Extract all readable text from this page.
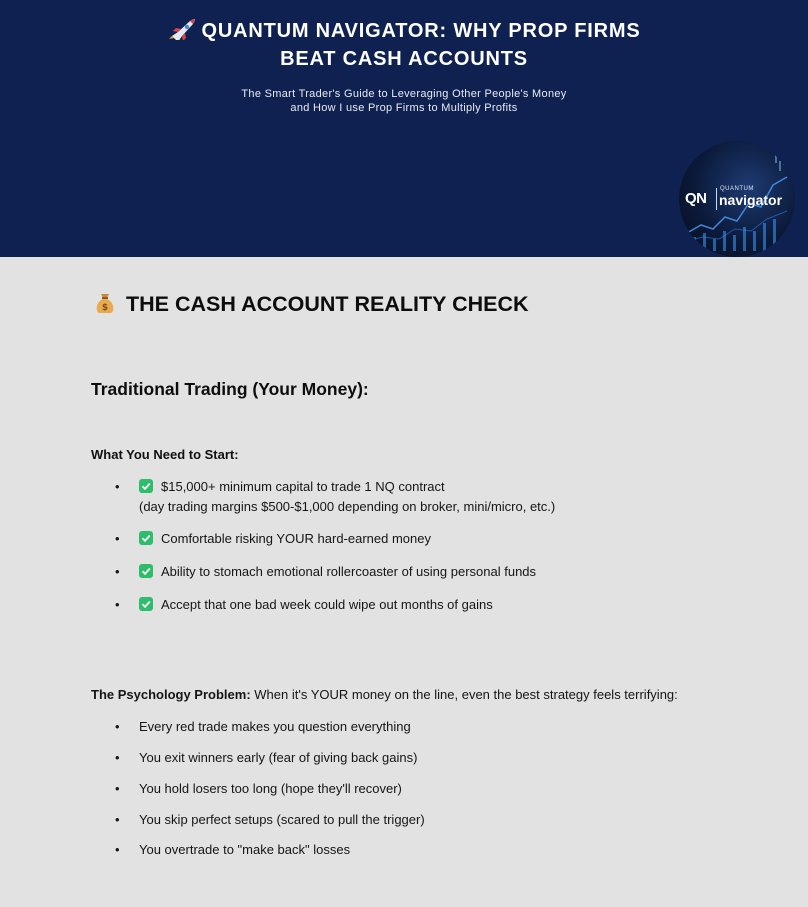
QUANTUM NAVIGATOR: WHY PROP FIRMS
BEAT CASH ACCOUNTS
The Smart Trader's Guide to Leveraging Other People's Money
and How I use Prop Firms to Multiply Profits
QN
QUANTUM
navigator
$ THE CASH ACCOUNT REALITY CHECK
Traditional Trading (Your Money):
What You Need to Start:
•	$15,000+ minimum capital to trade 1 NQ contract
(day trading margins $500-$1,000 depending on broker, mini/micro, etc.)
•	Comfortable risking YOUR hard-earned money
•	Ability to stomach emotional rollercoaster of using personal funds
•	Accept that one bad week could wipe out months of gains
The Psychology Problem: When it's YOUR money on the line, even the best strategy feels terrifying:
• Every red trade makes you question everything
• You exit winners early (fear of giving back gains)
• You hold losers too long (hope they'll recover)
• You skip perfect setups (scared to pull the trigger)
• You overtrade to "make back" losses
